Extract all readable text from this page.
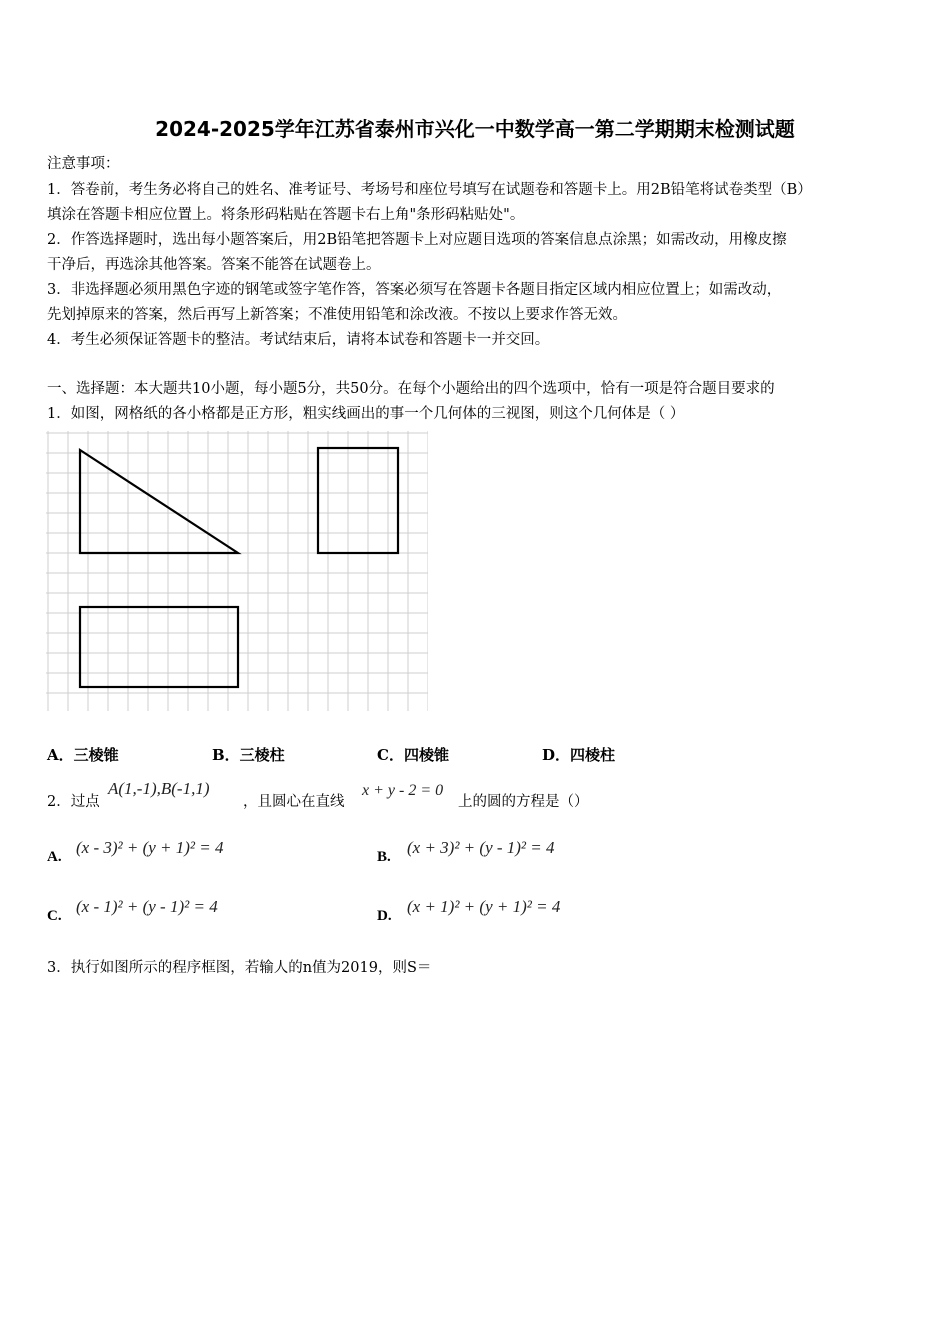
2024-2025学年江苏省泰州市兴化一中数学高一第二学期期末检测试题
注意事项：
1．答卷前，考生务必将自己的姓名、准考证号、考场号和座位号填写在试题卷和答题卡上。用2B铅笔将试卷类型（B）
填涂在答题卡相应位置上。将条形码粘贴在答题卡右上角"条形码粘贴处"。
2．作答选择题时，选出每小题答案后，用2B铅笔把答题卡上对应题目选项的答案信息点涂黑；如需改动，用橡皮擦
干净后，再选涂其他答案。答案不能答在试题卷上。
3．非选择题必须用黑色字迹的钢笔或签字笔作答，答案必须写在答题卡各题目指定区域内相应位置上；如需改动，
先划掉原来的答案，然后再写上新答案；不准使用铅笔和涂改液。不按以上要求作答无效。
4．考生必须保证答题卡的整洁。考试结束后，请将本试卷和答题卡一并交回。
一、选择题：本大题共10小题，每小题5分，共50分。在每个小题给出的四个选项中，恰有一项是符合题目要求的
1．如图，网格纸的各小格都是正方形，粗实线画出的事一个几何体的三视图，则这个几何体是（ ）
A．三棱锥	B．三棱柱	C．四棱锥	D．四棱柱
2．过点
A(1,-1),B(-1,1)
，且圆心在直线
x + y - 2 = 0
上的圆的方程是（）
A. (x - 3)² + (y + 1)² = 4	B. (x + 3)² + (y - 1)² = 4
C. (x - 1)² + (y - 1)² = 4	D. (x + 1)² + (y + 1)² = 4
3．执行如图所示的程序框图，若输人的n值为2019，则S＝
